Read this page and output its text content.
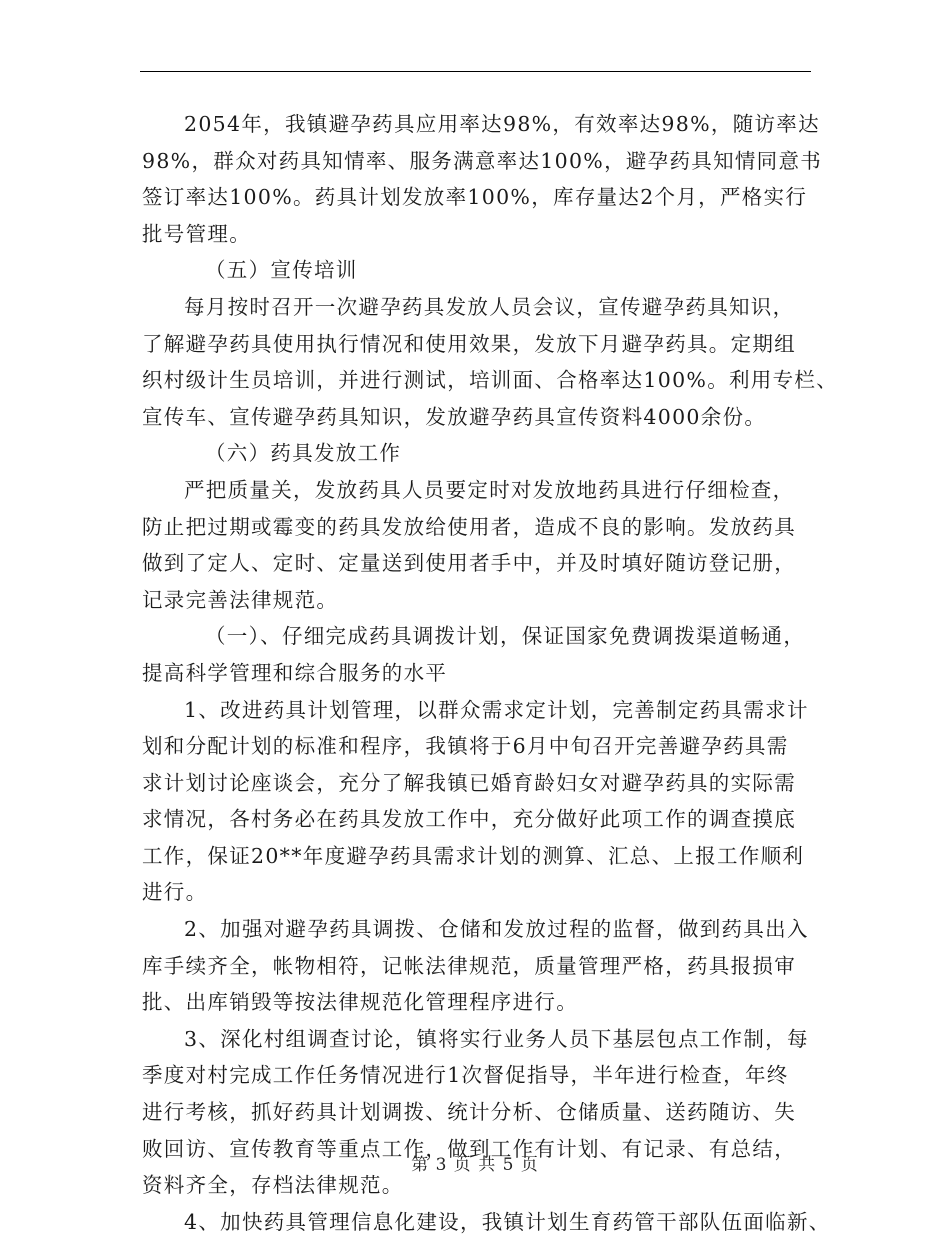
2054年，我镇避孕药具应用率达98%，有效率达98%，随访率达
98%，群众对药具知情率、服务满意率达100%，避孕药具知情同意书
签订率达100%。药具计划发放率100%，库存量达2个月，严格实行
批号管理。
（五）宣传培训
每月按时召开一次避孕药具发放人员会议，宣传避孕药具知识，
了解避孕药具使用执行情况和使用效果，发放下月避孕药具。定期组
织村级计生员培训，并进行测试，培训面、合格率达100%。利用专栏、
宣传车、宣传避孕药具知识，发放避孕药具宣传资料4000余份。
（六）药具发放工作
严把质量关，发放药具人员要定时对发放地药具进行仔细检查，
防止把过期或霉变的药具发放给使用者，造成不良的影响。发放药具
做到了定人、定时、定量送到使用者手中，并及时填好随访登记册，
记录完善法律规范。
（一）、仔细完成药具调拨计划，保证国家免费调拨渠道畅通，
提高科学管理和综合服务的水平
1、改进药具计划管理，以群众需求定计划，完善制定药具需求计
划和分配计划的标准和程序，我镇将于6月中旬召开完善避孕药具需
求计划讨论座谈会，充分了解我镇已婚育龄妇女对避孕药具的实际需
求情况，各村务必在药具发放工作中，充分做好此项工作的调查摸底
工作，保证20**年度避孕药具需求计划的测算、汇总、上报工作顺利
进行。
2、加强对避孕药具调拨、仓储和发放过程的监督，做到药具出入
库手续齐全，帐物相符，记帐法律规范，质量管理严格，药具报损审
批、出库销毁等按法律规范化管理程序进行。
3、深化村组调查讨论，镇将实行业务人员下基层包点工作制，每
季度对村完成工作任务情况进行1次督促指导，半年进行检查，年终
进行考核，抓好药具计划调拨、统计分析、仓储质量、送药随访、失
败回访、宣传教育等重点工作，做到工作有计划、有记录、有总结，
资料齐全，存档法律规范。
4、加快药具管理信息化建设，我镇计划生育药管干部队伍面临新、
第 3 页 共 5 页
